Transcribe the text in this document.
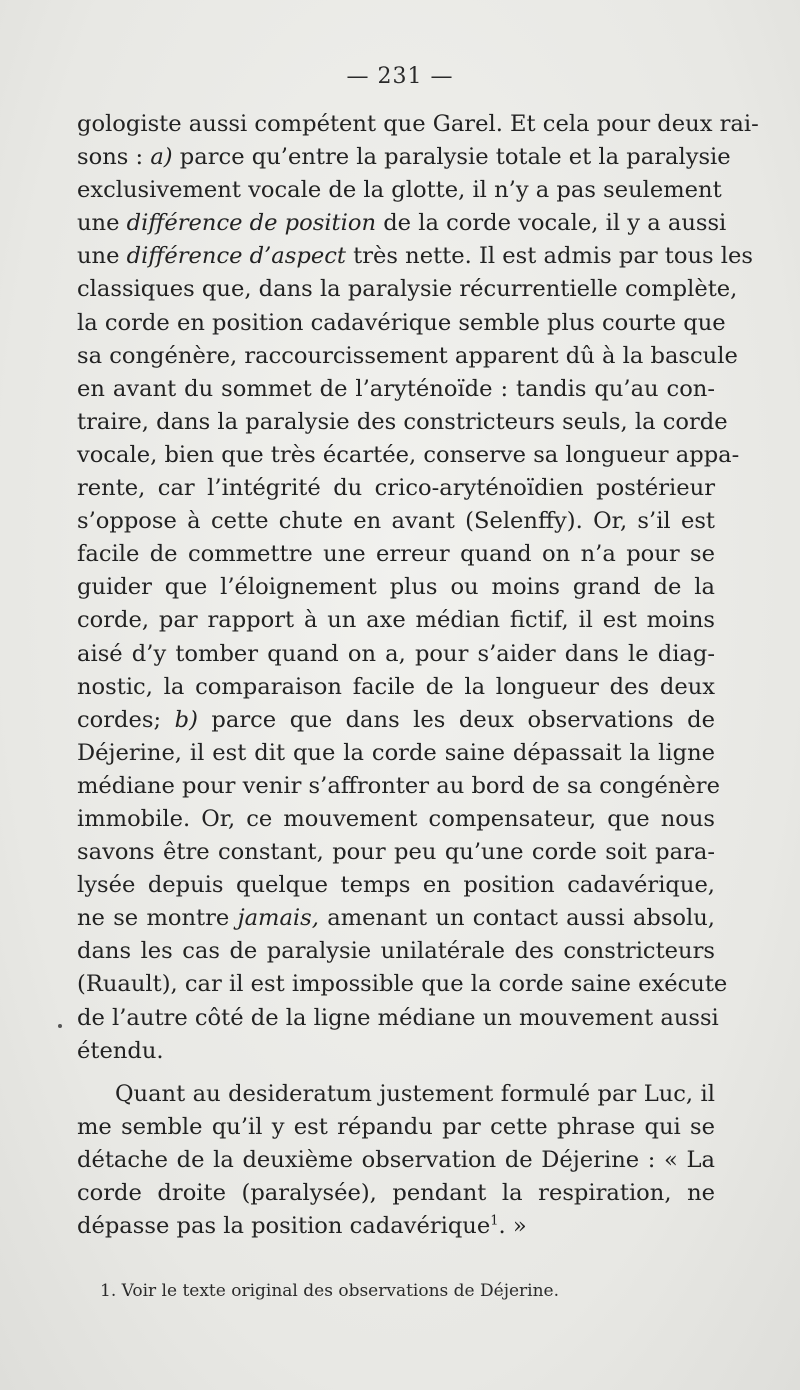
— 231 —
gologiste aussi compétent que Garel. Et cela pour deux rai-
sons : a) parce qu’entre la paralysie totale et la paralysie
exclusivement vocale de la glotte, il n’y a pas seulement
une différence de position de la corde vocale, il y a aussi
une différence d’aspect très nette. Il est admis par tous les
classiques que, dans la paralysie récurrentielle complète,
la corde en position cadavérique semble plus courte que
sa congénère, raccourcissement apparent dû à la bascule
en avant du sommet de l’aryténoïde : tandis qu’au con-
traire, dans la paralysie des constricteurs seuls, la corde
vocale, bien que très écartée, conserve sa longueur appa-
rente, car l’intégrité du crico-aryténoïdien postérieur
s’oppose à cette chute en avant (Selenffy). Or, s’il est
facile de commettre une erreur quand on n’a pour se
guider que l’éloignement plus ou moins grand de la
corde, par rapport à un axe médian fictif, il est moins
aisé d’y tomber quand on a, pour s’aider dans le diag-
nostic, la comparaison facile de la longueur des deux
cordes; b) parce que dans les deux observations de
Déjerine, il est dit que la corde saine dépassait la ligne
médiane pour venir s’affronter au bord de sa congénère
immobile. Or, ce mouvement compensateur, que nous
savons être constant, pour peu qu’une corde soit para-
lysée depuis quelque temps en position cadavérique,
ne se montre jamais, amenant un contact aussi absolu,
dans les cas de paralysie unilatérale des constricteurs
(Ruault), car il est impossible que la corde saine exécute
de l’autre côté de la ligne médiane un mouvement aussi
étendu.
Quant au desideratum justement formulé par Luc, il
me semble qu’il y est répandu par cette phrase qui se
détache de la deuxième observation de Déjerine : « La
corde droite (paralysée), pendant la respiration, ne
dépasse pas la position cadavérique$^1$. »
1. Voir le texte original des observations de Déjerine.
